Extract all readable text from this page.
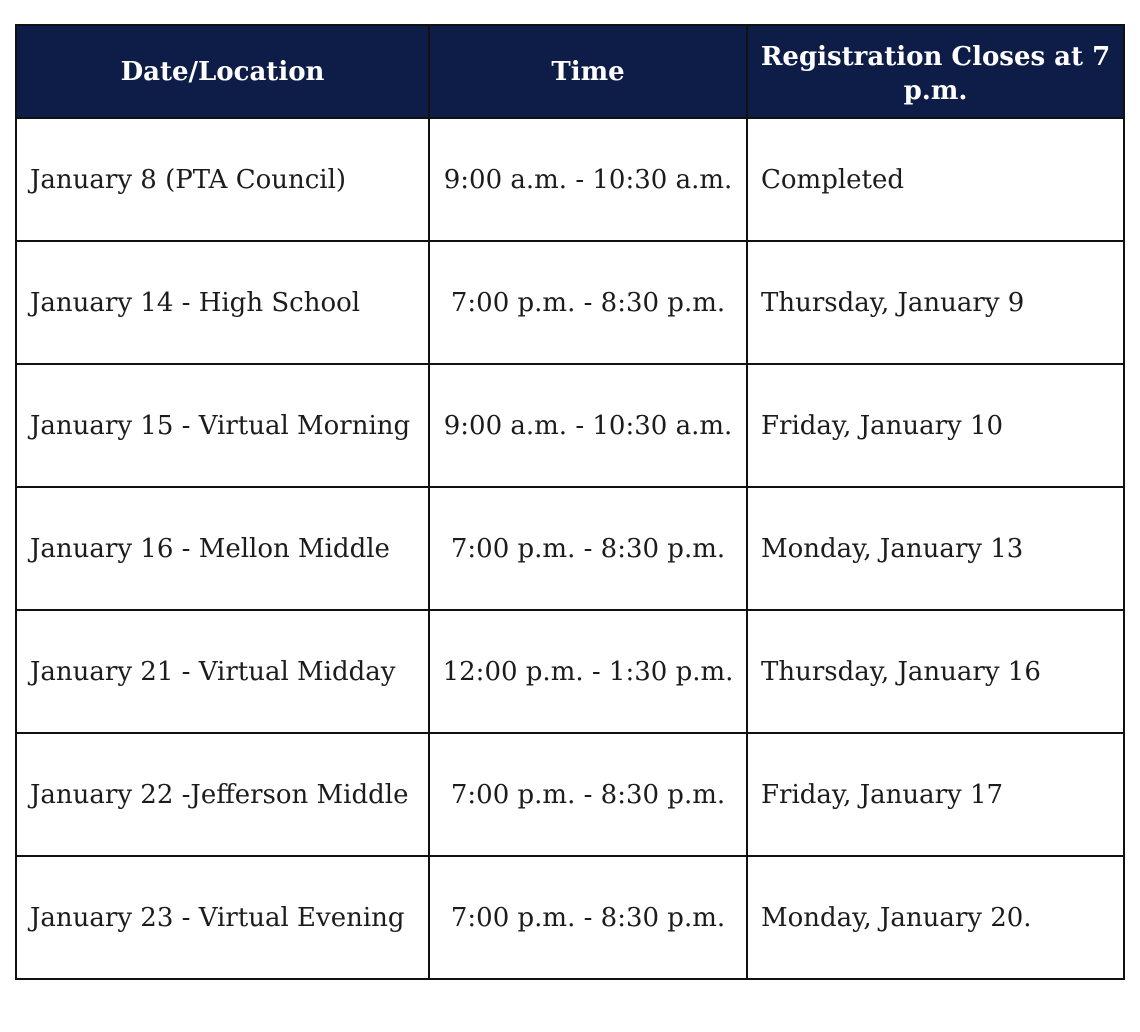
Date/Location	Time	Registration Closes at 7 p.m.
January 8 (PTA Council)	9:00 a.m. - 10:30 a.m.	Completed
January 14 - High School	7:00 p.m. - 8:30 p.m.	Thursday, January 9
January 15 - Virtual Morning	9:00 a.m. - 10:30 a.m.	Friday, January 10
January 16 - Mellon Middle	7:00 p.m. - 8:30 p.m.	Monday, January 13
January 21 - Virtual Midday	12:00 p.m. - 1:30 p.m.	Thursday, January 16
January 22 -Jefferson Middle	7:00 p.m. - 8:30 p.m.	Friday, January 17
January 23 - Virtual Evening	7:00 p.m. - 8:30 p.m.	Monday, January 20.
